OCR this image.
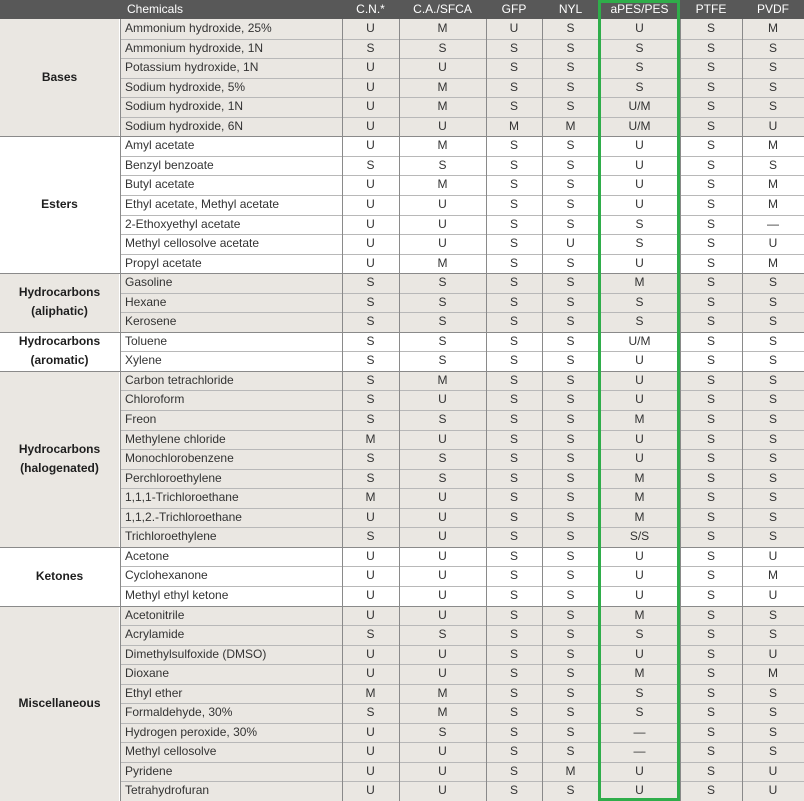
Chemicals	C.N.*	C.A./SFCA	GFP	NYL	aPES/PES	PTFE	PVDF
Bases
Ammonium hydroxide, 25%	U	M	U	S	U	S	M
Ammonium hydroxide, 1N	S	S	S	S	S	S	S
Potassium hydroxide, 1N	U	U	S	S	S	S	S
Sodium hydroxide, 5%	U	M	S	S	S	S	S
Sodium hydroxide, 1N	U	M	S	S	U/M	S	S
Sodium hydroxide, 6N	U	U	M	M	U/M	S	U
Esters
Amyl acetate	U	M	S	S	U	S	M
Benzyl benzoate	S	S	S	S	U	S	S
Butyl acetate	U	M	S	S	U	S	M
Ethyl acetate, Methyl acetate	U	U	S	S	U	S	M
2-Ethoxyethyl acetate	U	U	S	S	S	S	—
Methyl cellosolve acetate	U	U	S	U	S	S	U
Propyl acetate	U	M	S	S	U	S	M
Hydrocarbons
(aliphatic)
Gasoline	S	S	S	S	M	S	S
Hexane	S	S	S	S	S	S	S
Kerosene	S	S	S	S	S	S	S
Hydrocarbons
(aromatic)
Toluene	S	S	S	S	U/M	S	S
Xylene	S	S	S	S	U	S	S
Hydrocarbons
(halogenated)
Carbon tetrachloride	S	M	S	S	U	S	S
Chloroform	S	U	S	S	U	S	S
Freon	S	S	S	S	M	S	S
Methylene chloride	M	U	S	S	U	S	S
Monochlorobenzene	S	S	S	S	U	S	S
Perchloroethylene	S	S	S	S	M	S	S
1,1,1-Trichloroethane	M	U	S	S	M	S	S
1,1,2.-Trichloroethane	U	U	S	S	M	S	S
Trichloroethylene	S	U	S	S	S/S	S	S
Ketones
Acetone	U	U	S	S	U	S	U
Cyclohexanone	U	U	S	S	U	S	M
Methyl ethyl ketone	U	U	S	S	U	S	U
Miscellaneous
Acetonitrile	U	U	S	S	M	S	S
Acrylamide	S	S	S	S	S	S	S
Dimethylsulfoxide (DMSO)	U	U	S	S	U	S	U
Dioxane	U	U	S	S	M	S	M
Ethyl ether	M	M	S	S	S	S	S
Formaldehyde, 30%	S	M	S	S	S	S	S
Hydrogen peroxide, 30%	U	S	S	S	—	S	S
Methyl cellosolve	U	U	S	S	—	S	S
Pyridene	U	U	S	M	U	S	U
Tetrahydrofuran	U	U	S	S	U	S	U
